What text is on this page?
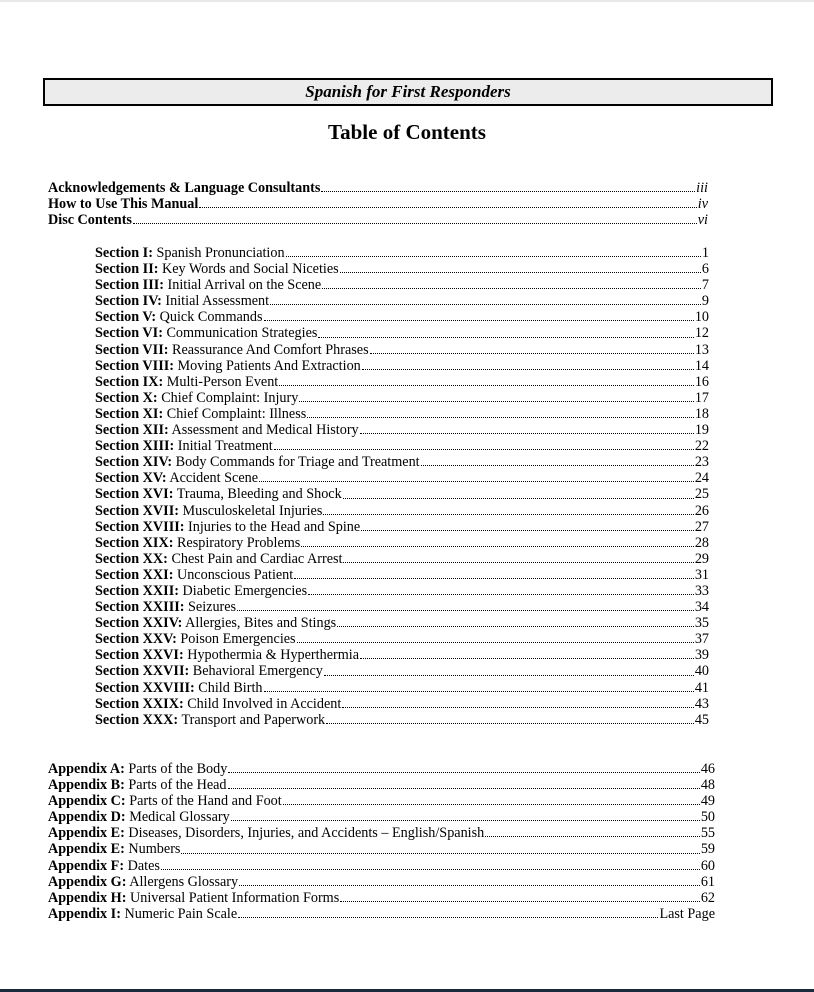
Spanish for First Responders
Table of Contents
Acknowledgements & Language Consultants	iii
How to Use This Manual	iv
Disc Contents	vi
Section I: Spanish Pronunciation	1
Section II: Key Words and Social Niceties	6
Section III: Initial Arrival on the Scene	7
Section IV: Initial Assessment	9
Section V: Quick Commands	10
Section VI: Communication Strategies	12
Section VII: Reassurance And Comfort Phrases	13
Section VIII: Moving Patients And Extraction	14
Section IX: Multi-Person Event	16
Section X: Chief Complaint: Injury	17
Section XI: Chief Complaint: Illness	18
Section XII: Assessment and Medical History	19
Section XIII: Initial Treatment	22
Section XIV: Body Commands for Triage and Treatment	23
Section XV: Accident Scene	24
Section XVI: Trauma, Bleeding and Shock	25
Section XVII: Musculoskeletal Injuries	26
Section XVIII: Injuries to the Head and Spine	27
Section XIX: Respiratory Problems	28
Section XX: Chest Pain and Cardiac Arrest	29
Section XXI: Unconscious Patient	31
Section XXII: Diabetic Emergencies	33
Section XXIII: Seizures	34
Section XXIV: Allergies, Bites and Stings	35
Section XXV: Poison Emergencies	37
Section XXVI: Hypothermia & Hyperthermia	39
Section XXVII: Behavioral Emergency	40
Section XXVIII: Child Birth	41
Section XXIX: Child Involved in Accident	43
Section XXX: Transport and Paperwork	45
Appendix A: Parts of the Body	46
Appendix B: Parts of the Head	48
Appendix C: Parts of the Hand and Foot	49
Appendix D: Medical Glossary	50
Appendix E: Diseases, Disorders, Injuries, and Accidents – English/Spanish	55
Appendix E: Numbers	59
Appendix F: Dates	60
Appendix G: Allergens Glossary	61
Appendix H: Universal Patient Information Forms	62
Appendix I: Numeric Pain Scale	Last Page
